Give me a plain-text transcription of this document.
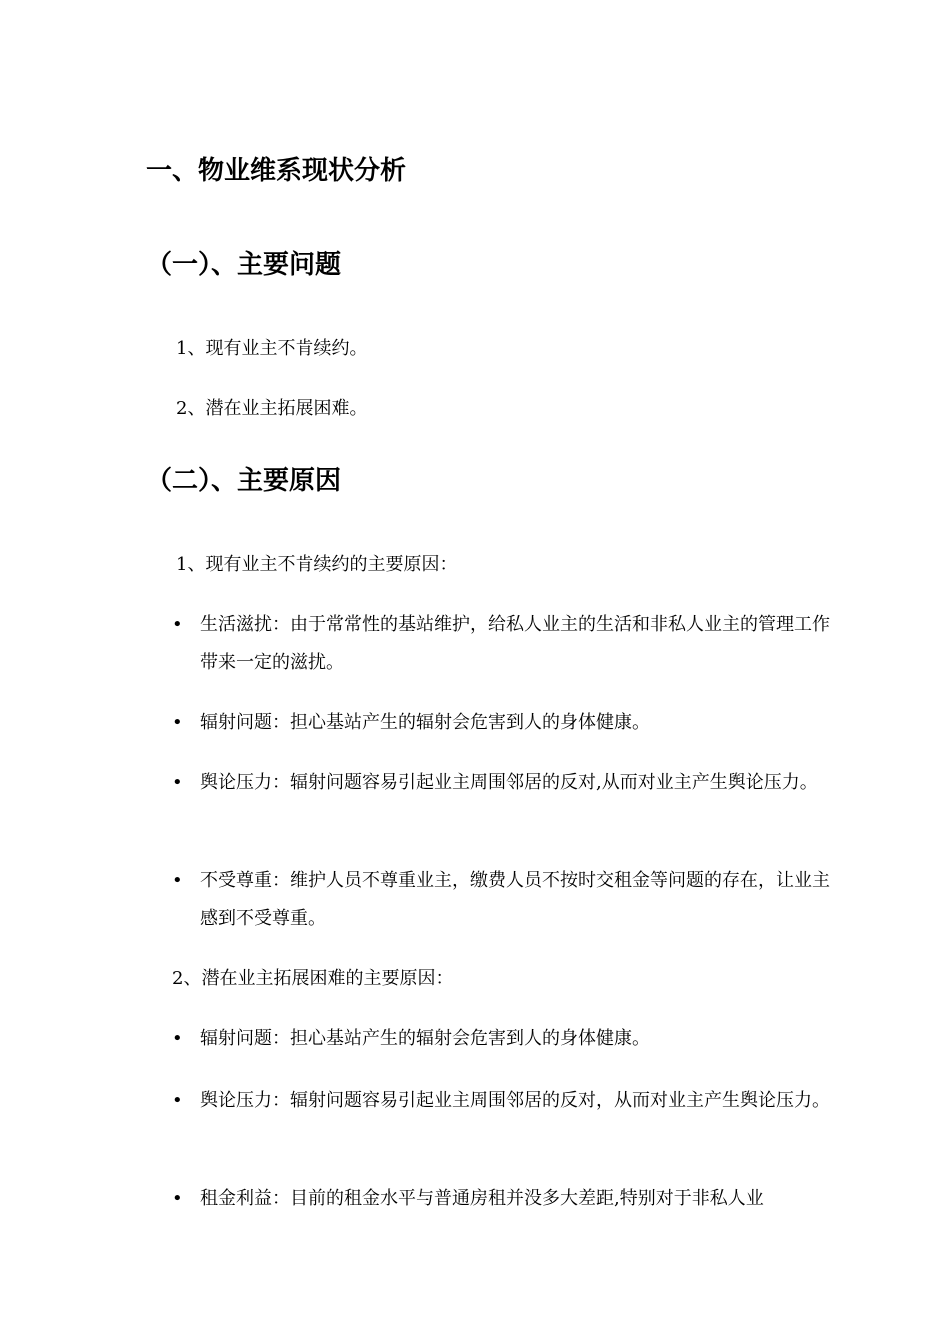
一、物业维系现状分析
（一）、主要问题
1、现有业主不肯续约。
2、潜在业主拓展困难。
（二）、主要原因
1、现有业主不肯续约的主要原因：
• 生活滋扰：由于常常性的基站维护，给私人业主的生活和非私人业主的管理工作带来一定的滋扰。
• 辐射问题：担心基站产生的辐射会危害到人的身体健康。
• 舆论压力：辐射问题容易引起业主周围邻居的反对,从而对业主产生舆论压力。
• 不受尊重：维护人员不尊重业主，缴费人员不按时交租金等问题的存在，让业主感到不受尊重。
2、潜在业主拓展困难的主要原因：
• 辐射问题：担心基站产生的辐射会危害到人的身体健康。
• 舆论压力：辐射问题容易引起业主周围邻居的反对，从而对业主产生舆论压力。
• 租金利益：目前的租金水平与普通房租并没多大差距,特别对于非私人业
